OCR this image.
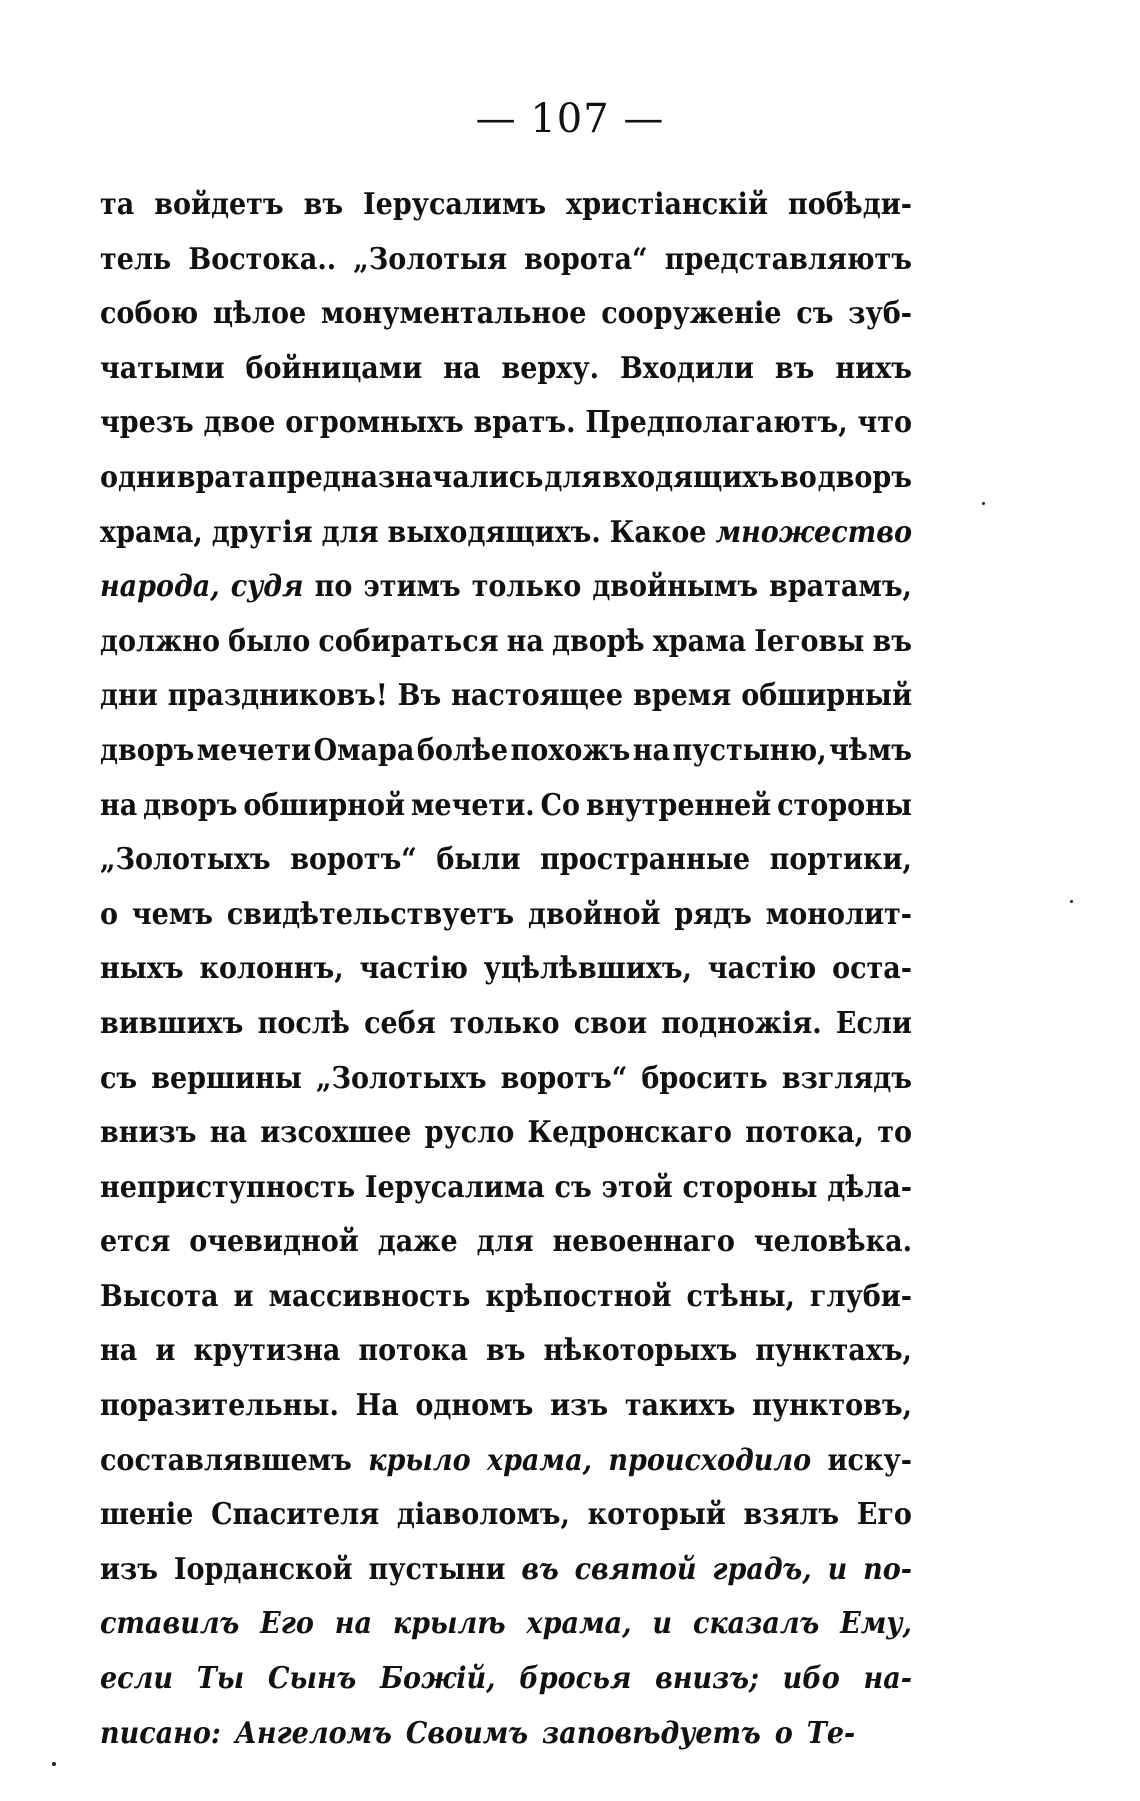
— 107 —
та войдетъ въ Іерусалимъ христіанскій побѣди-
тель Востока.. „Золотыя ворота“ представляютъ
собою цѣлое монументальное сооруженіе съ зуб-
чатыми бойницами на верху. Входили въ нихъ
чрезъ двое огромныхъ вратъ. Предполагаютъ, что
одни врата предназначались для входящихъ во дворъ
храма, другія для выходящихъ. Какое множество
народа, судя по этимъ только двойнымъ вратамъ,
должно было собираться на дворѣ храма Іеговы въ
дни праздниковъ! Въ настоящее время обширный
дворъ мечети Омара болѣе похожъ на пустыню, чѣмъ
на дворъ обширной мечети. Со внутренней стороны
„Золотыхъ воротъ“ были пространные портики,
о чемъ свидѣтельствуетъ двойной рядъ монолит-
ныхъ колоннъ, частію уцѣлѣвшихъ, частію оста-
вившихъ послѣ себя только свои подножія. Если
съ вершины „Золотыхъ воротъ“ бросить взглядъ
внизъ на изсохшее русло Кедронскаго потока, то
неприступность Іерусалима съ этой стороны дѣла-
ется очевидной даже для невоеннаго человѣка.
Высота и массивность крѣпостной стѣны, глуби-
на и крутизна потока въ нѣкоторыхъ пунктахъ,
поразительны. На одномъ изъ такихъ пунктовъ,
составлявшемъ крыло храма, происходило иску-
шеніе Спасителя діаволомъ, который взялъ Его
изъ Іорданской пустыни въ святой градъ, и по-
ставилъ Его на крылѣ храма, и сказалъ Ему,
если Ты Сынъ Божій, бросья внизъ; ибо на-
писано: Ангеломъ Своимъ заповѣдуетъ о Те-
